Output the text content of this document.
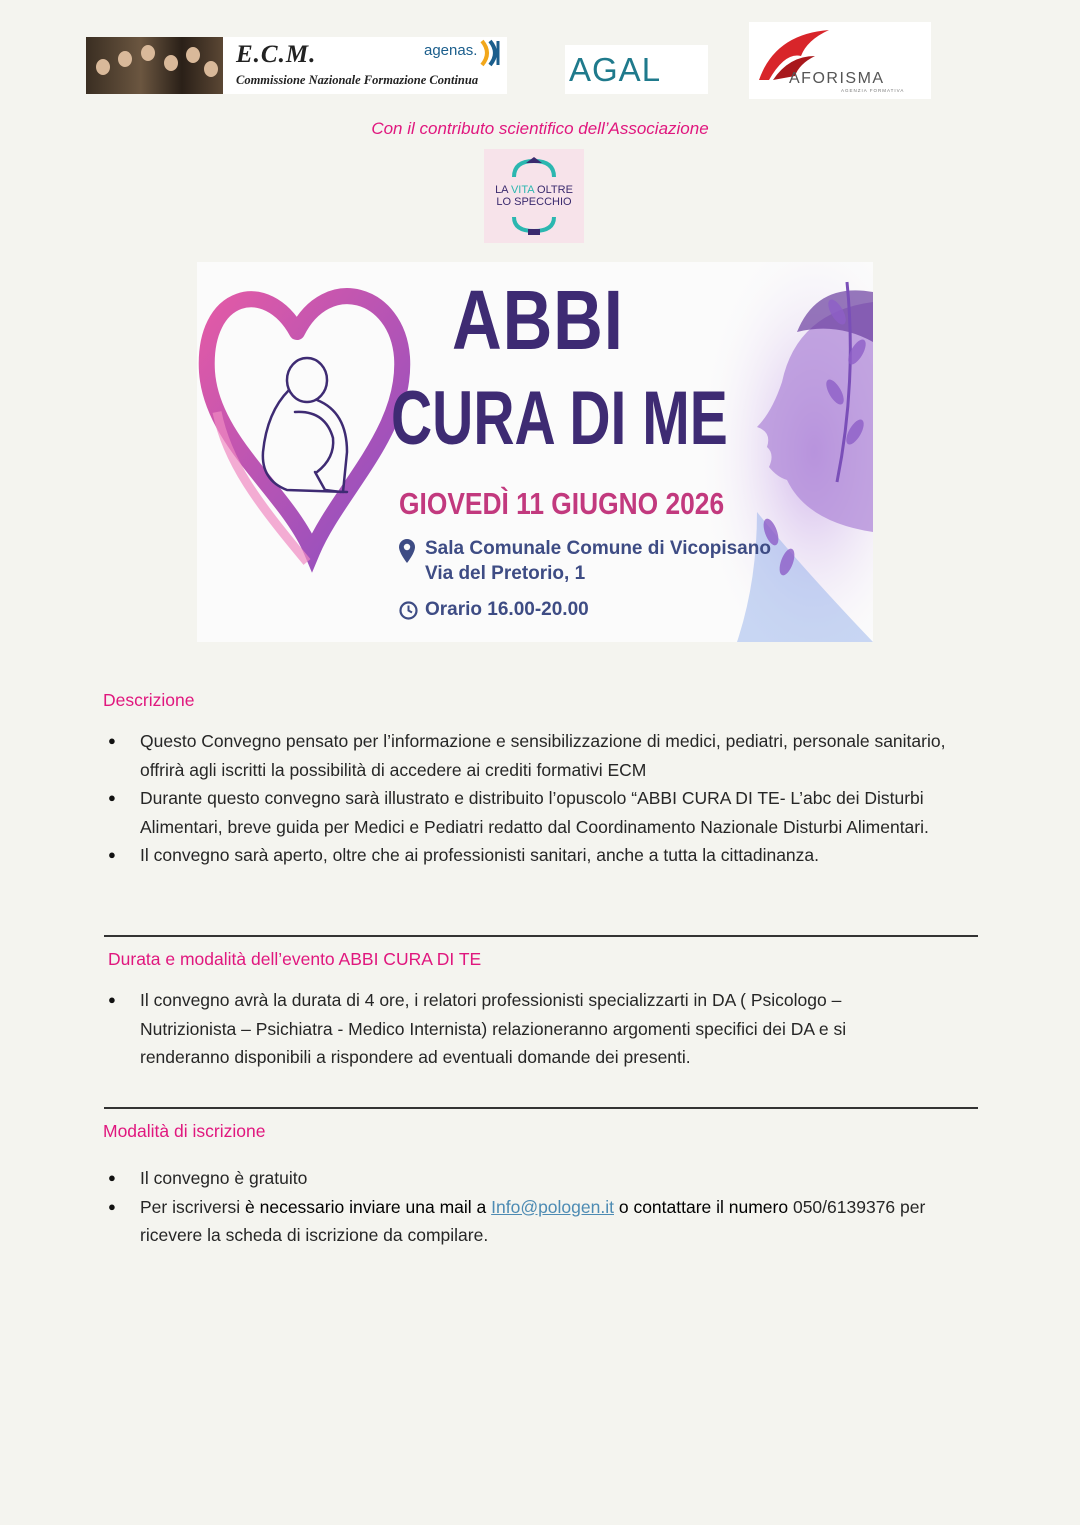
E.C.M.
Commissione Nazionale Formazione Continua
agenas.
AGAL	AFORISMA
AGENZIA FORMATIVA
Con il contributo scientifico dell’Associazione
LA VITA OLTRE
LO SPECCHIO
ABBI
CURA DI ME
GIOVEDÌ 11 GIUGNO 2026
Sala Comunale Comune di Vicopisano
Via del Pretorio, 1
Orario 16.00-20.00
Descrizione
● Questo Convegno pensato per l’informazione e sensibilizzazione di medici, pediatri, personale sanitario, offrirà agli iscritti la possibilità di accedere ai crediti formativi ECM
● Durante questo convegno sarà illustrato e distribuito l’opuscolo “ABBI CURA DI TE- L’abc dei Disturbi Alimentari, breve guida per Medici e Pediatri redatto dal Coordinamento Nazionale Disturbi Alimentari.
● Il convegno sarà aperto, oltre che ai professionisti sanitari, anche a tutta la cittadinanza.
Durata e modalità dell’evento ABBI CURA DI TE
● Il convegno avrà la durata di 4 ore, i relatori professionisti specializzarti in DA ( Psicologo – Nutrizionista – Psichiatra - Medico Internista) relazioneranno argomenti specifici dei DA e si renderanno disponibili a rispondere ad eventuali domande dei presenti.
Modalità di iscrizione
● Il convegno è gratuito
● Per iscriversi è necessario inviare una mail a Info@pologen.it o contattare il numero 050/6139376 per ricevere la scheda di iscrizione da compilare.
